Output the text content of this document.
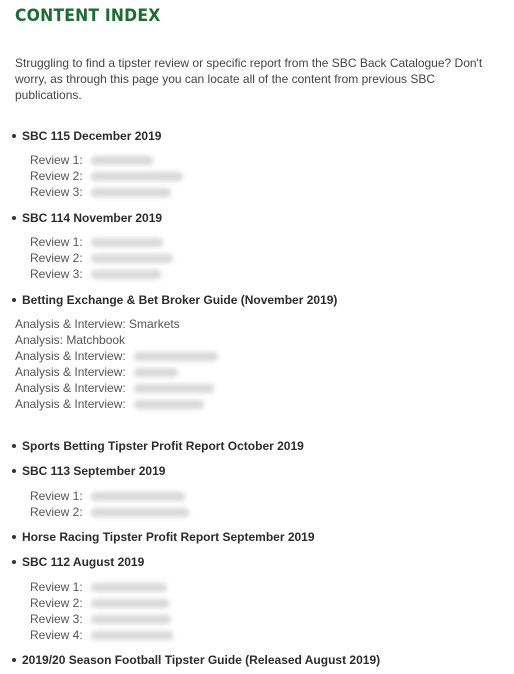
CONTENT INDEX
Struggling to find a tipster review or specific report from the SBC Back Catalogue? Don't worry, as through this page you can locate all of the content from previous SBC publications.
SBC 115 December 2019
Review 1:
Review 2:
Review 3:
SBC 114 November 2019
Review 1:
Review 2:
Review 3:
Betting Exchange & Bet Broker Guide (November 2019)
Analysis & Interview: Smarkets
Analysis: Matchbook
Analysis & Interview:
Analysis & Interview:
Analysis & Interview:
Analysis & Interview:
Sports Betting Tipster Profit Report October 2019
SBC 113 September 2019
Review 1:
Review 2:
Horse Racing Tipster Profit Report September 2019
SBC 112 August 2019
Review 1:
Review 2:
Review 3:
Review 4:
2019/20 Season Football Tipster Guide (Released August 2019)
